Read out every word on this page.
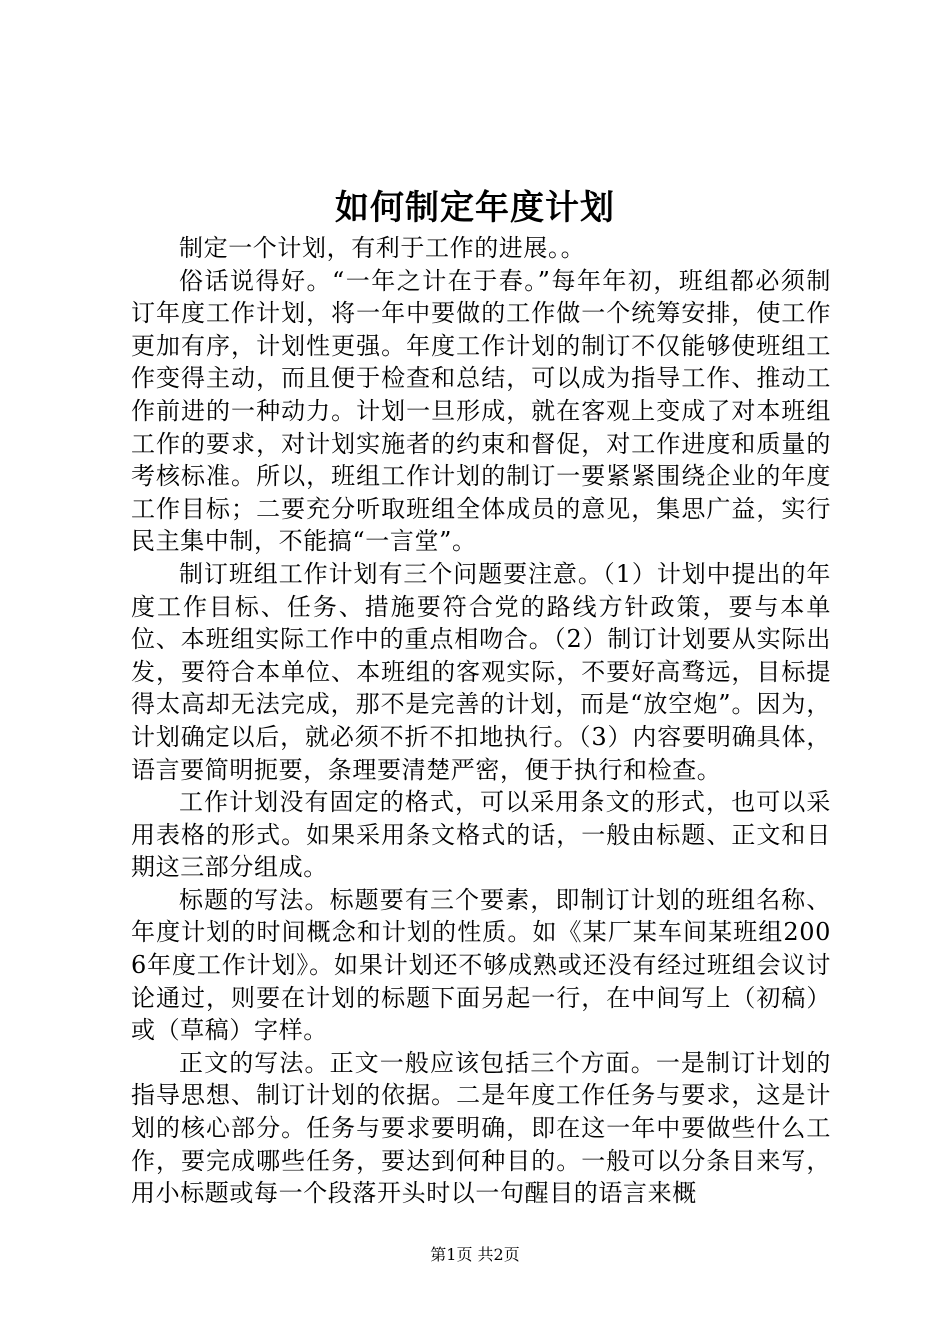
如何制定年度计划

制定一个计划，有利于工作的进展。。

俗话说得好。“一年之计在于春。”每年年初，班组都必须制订年度工作计划，将一年中要做的工作做一个统筹安排，使工作更加有序，计划性更强。年度工作计划的制订不仅能够使班组工作变得主动，而且便于检查和总结，可以成为指导工作、推动工作前进的一种动力。计划一旦形成，就在客观上变成了对本班组工作的要求，对计划实施者的约束和督促，对工作进度和质量的考核标准。所以，班组工作计划的制订一要紧紧围绕企业的年度工作目标；二要充分听取班组全体成员的意见，集思广益，实行民主集中制，不能搞“一言堂”。

制订班组工作计划有三个问题要注意。（1）计划中提出的年度工作目标、任务、措施要符合党的路线方针政策，要与本单位、本班组实际工作中的重点相吻合。（2）制订计划要从实际出发，要符合本单位、本班组的客观实际，不要好高骛远，目标提得太高却无法完成，那不是完善的计划，而是“放空炮”。因为，计划确定以后，就必须不折不扣地执行。（3）内容要明确具体，语言要简明扼要，条理要清楚严密，便于执行和检查。

工作计划没有固定的格式，可以采用条文的形式，也可以采用表格的形式。如果采用条文格式的话，一般由标题、正文和日期这三部分组成。

标题的写法。标题要有三个要素，即制订计划的班组名称、年度计划的时间概念和计划的性质。如《某厂某车间某班组2006年度工作计划》。如果计划还不够成熟或还没有经过班组会议讨论通过，则要在计划的标题下面另起一行，在中间写上（初稿）或（草稿）字样。

正文的写法。正文一般应该包括三个方面。一是制订计划的指导思想、制订计划的依据。二是年度工作任务与要求，这是计划的核心部分。任务与要求要明确，即在这一年中要做些什么工作，要完成哪些任务，要达到何种目的。一般可以分条目来写，用小标题或每一个段落开头时以一句醒目的语言来概

第1页 共2页
